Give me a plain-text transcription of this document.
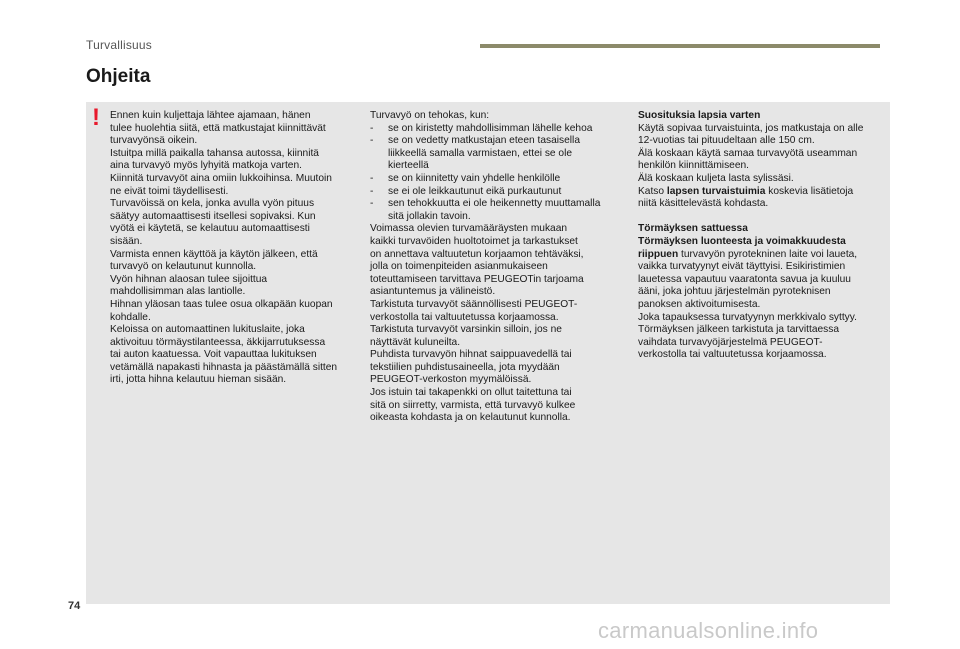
Turvallisuus
Ohjeita
! Ennen kuin kuljettaja lähtee ajamaan, hänen

tulee huolehtia siitä, että matkustajat kiinnittävät

turvavyönsä oikein.

Istuitpa millä paikalla tahansa autossa, kiinnitä

aina turvavyö myös lyhyitä matkoja varten.

Kiinnitä turvavyöt aina omiin lukkoihinsa. Muutoin

ne eivät toimi täydellisesti.

Turvavöissä on kela, jonka avulla vyön pituus

säätyy automaattisesti itsellesi sopivaksi. Kun

vyötä ei käytetä, se kelautuu automaattisesti

sisään.

Varmista ennen käyttöä ja käytön jälkeen, että

turvavyö on kelautunut kunnolla.

Vyön hihnan alaosan tulee sijoittua

mahdollisimman alas lantiolle.

Hihnan yläosan taas tulee osua olkapään kuopan

kohdalle.

Keloissa on automaattinen lukituslaite, joka

aktivoituu törmäystilanteessa, äkkijarrutuksessa

tai auton kaatuessa. Voit vapauttaa lukituksen

vetämällä napakasti hihnasta ja päästämällä sitten

irti, jotta hihna kelautuu hieman sisään.

Turvavyö on tehokas, kun:

- se on kiristetty mahdollisimman lähelle kehoa
- se on vedetty matkustajan eteen tasaisella liikkeellä samalla varmistaen, ettei se ole kierteellä
- se on kiinnitetty vain yhdelle henkilölle
- se ei ole leikkautunut eikä purkautunut
- sen tehokkuutta ei ole heikennetty muuttamalla sitä jollakin tavoin.

Voimassa olevien turvamääräysten mukaan

kaikki turvavöiden huoltotoimet ja tarkastukset

on annettava valtuutetun korjaamon tehtäväksi,

jolla on toimenpiteiden asianmukaiseen

toteuttamiseen tarvittava PEUGEOTin tarjoama

asiantuntemus ja välineistö.

Tarkistuta turvavyöt säännöllisesti PEUGEOT-

verkostolla tai valtuutetussa korjaamossa.

Tarkistuta turvavyöt varsinkin silloin, jos ne

näyttävät kuluneilta.

Puhdista turvavyön hihnat saippuavedellä tai

tekstiilien puhdistusaineella, jota myydään

PEUGEOT-verkoston myymälöissä.

Jos istuin tai takapenkki on ollut taitettuna tai

sitä on siirretty, varmista, että turvavyö kulkee

oikeasta kohdasta ja on kelautunut kunnolla.

Suosituksia lapsia varten

Käytä sopivaa turvaistuinta, jos matkustaja on alle

12-vuotias tai pituudeltaan alle 150 cm.

Älä koskaan käytä samaa turvavyötä useamman

henkilön kiinnittämiseen.

Älä koskaan kuljeta lasta sylissäsi.

Katso lapsen turvaistuimia koskevia lisätietoja

niitä käsittelevästä kohdasta.

Törmäyksen sattuessa

Törmäyksen luonteesta ja voimakkuudesta

riippuen turvavyön pyrotekninen laite voi laueta,

vaikka turvatyynyt eivät täyttyisi. Esikiristimien

lauetessa vapautuu vaaratonta savua ja kuuluu

ääni, joka johtuu järjestelmän pyroteknisen

panoksen aktivoitumisesta.

Joka tapauksessa turvatyynyn merkkivalo syttyy.

Törmäyksen jälkeen tarkistuta ja tarvittaessa

vaihdata turvavyöjärjestelmä PEUGEOT-

verkostolla tai valtuutetussa korjaamossa.

74
carmanualsonline.info
